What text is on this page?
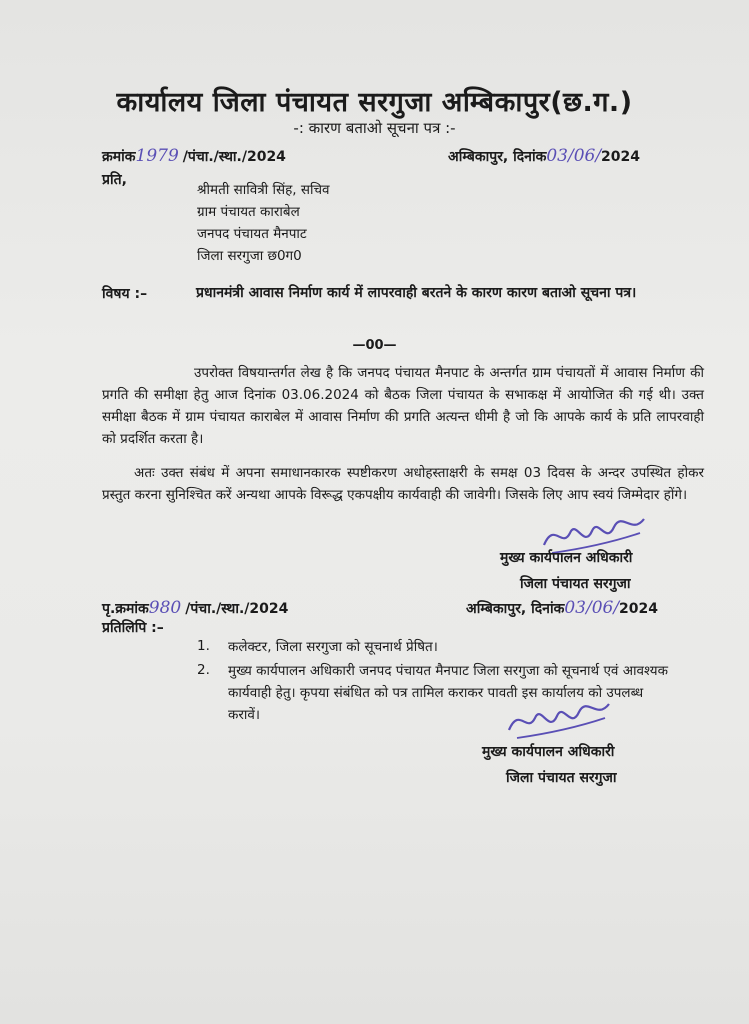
कार्यालय जिला पंचायत सरगुजा अम्बिकापुर(छ.ग.)
-: कारण बताओ सूचना पत्र :-
क्रमांक1979 /पंचा./स्था./2024	अम्बिकापुर, दिनांक03/06/2024
प्रति,
श्रीमती सावित्री सिंह, सचिव
ग्राम पंचायत काराबेल
जनपद पंचायत मैनपाट
जिला सरगुजा छ0ग0
विषय :–	प्रधानमंत्री आवास निर्माण कार्य में लापरवाही बरतने के कारण कारण बताओ सूचना पत्र।
—00—
उपरोक्त विषयान्तर्गत लेख है कि जनपद पंचायत मैनपाट के अन्तर्गत ग्राम पंचायतों में आवास निर्माण की प्रगति की समीक्षा हेतु आज दिनांक 03.06.2024 को बैठक जिला पंचायत के सभाकक्ष में आयोजित की गई थी। उक्त समीक्षा बैठक में ग्राम पंचायत काराबेल में आवास निर्माण की प्रगति अत्यन्त धीमी है जो कि आपके कार्य के प्रति लापरवाही को प्रदर्शित करता है।
अतः उक्त संबंध में अपना समाधानकारक स्पष्टीकरण अधोहस्ताक्षरी के समक्ष 03 दिवस के अन्दर उपस्थित होकर प्रस्तुत करना सुनिश्चित करें अन्यथा आपके विरूद्ध एकपक्षीय कार्यवाही की जावेगी। जिसके लिए आप स्वयं जिम्मेदार होंगे।
मुख्य कार्यपालन अधिकारी
जिला पंचायत सरगुजा
पृ.क्रमांक980 /पंचा./स्था./2024	अम्बिकापुर, दिनांक03/06/2024
प्रतिलिपि :–
1. कलेक्टर, जिला सरगुजा को सूचनार्थ प्रेषित।
2. मुख्य कार्यपालन अधिकारी जनपद पंचायत मैनपाट जिला सरगुजा को सूचनार्थ एवं आवश्यक कार्यवाही हेतु। कृपया संबंधित को पत्र तामिल कराकर पावती इस कार्यालय को उपलब्ध करावें।
मुख्य कार्यपालन अधिकारी
जिला पंचायत सरगुजा
